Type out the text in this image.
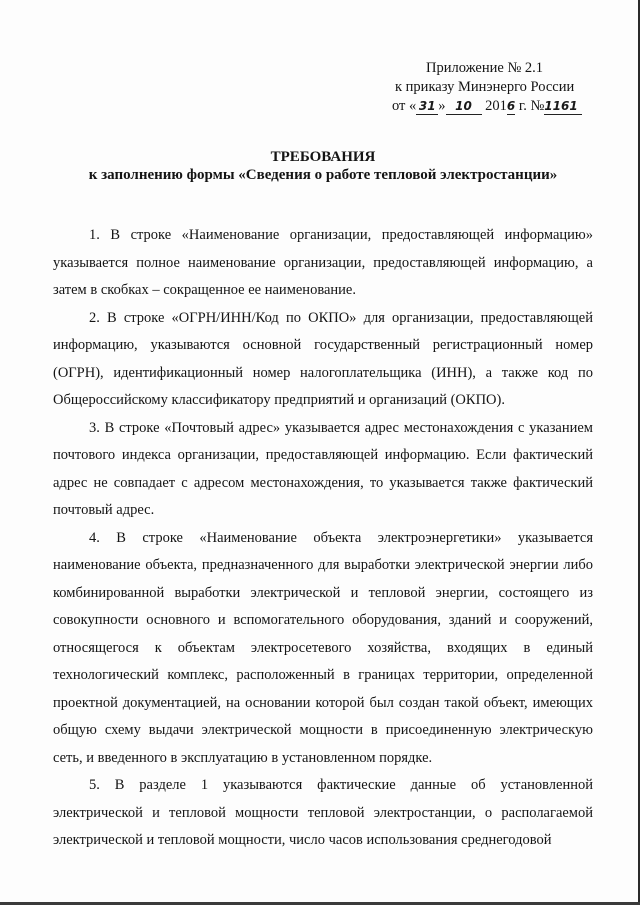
Приложение № 2.1
к приказу Минэнерго России
от « 31 » 10 2016 г. №1161
ТРЕБОВАНИЯ
к заполнению формы «Сведения о работе тепловой электростанции»

1. В строке «Наименование организации, предоставляющей информацию» указывается полное наименование организации, предоставляющей информацию, а затем в скобках – сокращенное ее наименование.

2. В строке «ОГРН/ИНН/Код по ОКПО» для организации, предоставляющей информацию, указываются основной государственный регистрационный номер (ОГРН), идентификационный номер налогоплательщика (ИНН), а также код по Общероссийскому классификатору предприятий и организаций (ОКПО).

3. В строке «Почтовый адрес» указывается адрес местонахождения с указанием почтового индекса организации, предоставляющей информацию. Если фактический адрес не совпадает с адресом местонахождения, то указывается также фактический почтовый адрес.

4. В строке «Наименование объекта электроэнергетики» указывается наименование объекта, предназначенного для выработки электрической энергии либо комбинированной выработки электрической и тепловой энергии, состоящего из совокупности основного и вспомогательного оборудования, зданий и сооружений, относящегося к объектам электросетевого хозяйства, входящих в единый технологический комплекс, расположенный в границах территории, определенной проектной документацией, на основании которой был создан такой объект, имеющих общую схему выдачи электрической мощности в присоединенную электрическую сеть, и введенного в эксплуатацию в установленном порядке.

5. В разделе 1 указываются фактические данные об установленной электрической и тепловой мощности тепловой электростанции, о располагаемой электрической и тепловой мощности, число часов использования среднегодовой
